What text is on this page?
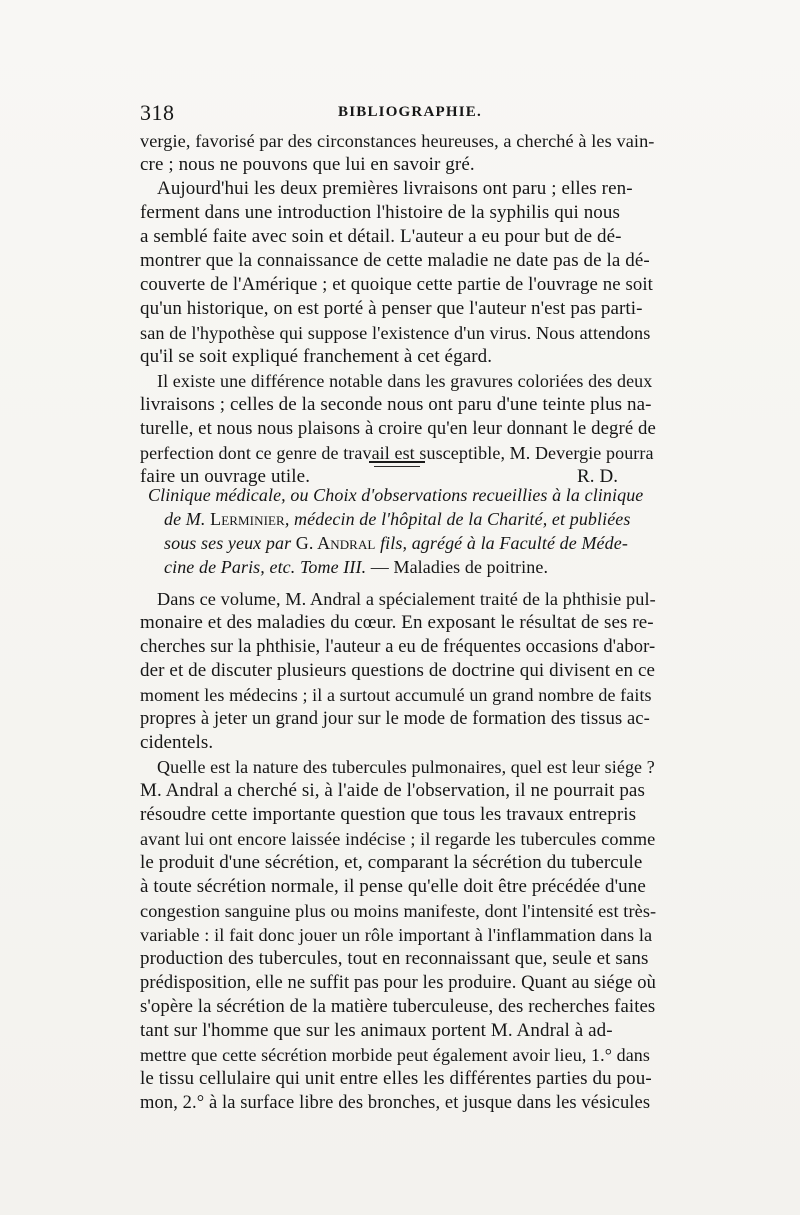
318	BIBLIOGRAPHIE.
vergie, favorisé par des circonstances heureuses, a cherché à les vain-
cre ; nous ne pouvons que lui en savoir gré.
Aujourd'hui les deux premières livraisons ont paru ; elles ren-
ferment dans une introduction l'histoire de la syphilis qui nous
a semblé faite avec soin et détail. L'auteur a eu pour but de dé-
montrer que la connaissance de cette maladie ne date pas de la dé-
couverte de l'Amérique ; et quoique cette partie de l'ouvrage ne soit
qu'un historique, on est porté à penser que l'auteur n'est pas parti-
san de l'hypothèse qui suppose l'existence d'un virus. Nous attendons
qu'il se soit expliqué franchement à cet égard.
Il existe une différence notable dans les gravures coloriées des deux
livraisons ; celles de la seconde nous ont paru d'une teinte plus na-
turelle, et nous nous plaisons à croire qu'en leur donnant le degré de
perfection dont ce genre de travail est susceptible, M. Devergie pourra
faire un ouvrage utile.	R. D.
Clinique médicale, ou Choix d'observations recueillies à la clinique
de M. Lerminier, médecin de l'hôpital de la Charité, et publiées
sous ses yeux par G. Andral fils, agrégé à la Faculté de Méde-
cine de Paris, etc. Tome III. — Maladies de poitrine.
Dans ce volume, M. Andral a spécialement traité de la phthisie pul-
monaire et des maladies du cœur. En exposant le résultat de ses re-
cherches sur la phthisie, l'auteur a eu de fréquentes occasions d'abor-
der et de discuter plusieurs questions de doctrine qui divisent en ce
moment les médecins ; il a surtout accumulé un grand nombre de faits
propres à jeter un grand jour sur le mode de formation des tissus ac-
cidentels.
Quelle est la nature des tubercules pulmonaires, quel est leur siége ?
M. Andral a cherché si, à l'aide de l'observation, il ne pourrait pas
résoudre cette importante question que tous les travaux entrepris
avant lui ont encore laissée indécise ; il regarde les tubercules comme
le produit d'une sécrétion, et, comparant la sécrétion du tubercule
à toute sécrétion normale, il pense qu'elle doit être précédée d'une
congestion sanguine plus ou moins manifeste, dont l'intensité est très-
variable : il fait donc jouer un rôle important à l'inflammation dans la
production des tubercules, tout en reconnaissant que, seule et sans
prédisposition, elle ne suffit pas pour les produire. Quant au siége où
s'opère la sécrétion de la matière tuberculeuse, des recherches faites
tant sur l'homme que sur les animaux portent M. Andral à ad-
mettre que cette sécrétion morbide peut également avoir lieu, 1.° dans
le tissu cellulaire qui unit entre elles les différentes parties du pou-
mon, 2.° à la surface libre des bronches, et jusque dans les vésicules
